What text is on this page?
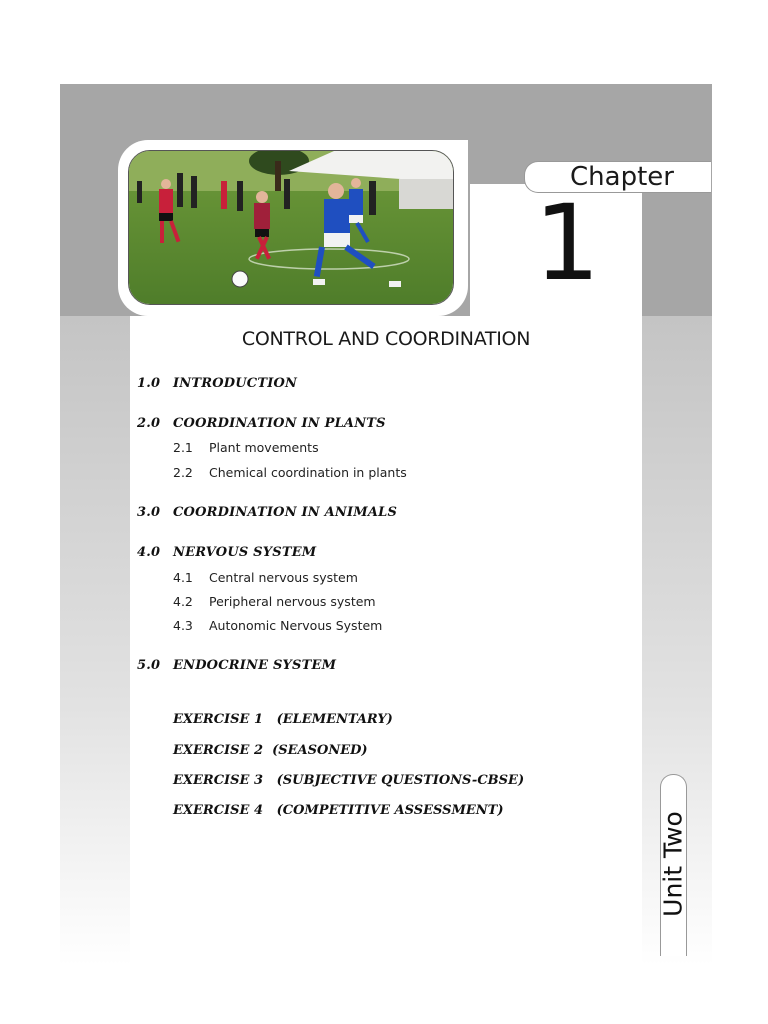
Chapter
1
CONTROL AND COORDINATION
1.0 INTRODUCTION
2.0 COORDINATION IN PLANTS
2.1 Plant movements
2.2 Chemical coordination in plants
3.0 COORDINATION IN ANIMALS
4.0 NERVOUS SYSTEM
4.1 Central nervous system
4.2 Peripheral nervous system
4.3 Autonomic Nervous System
5.0 ENDOCRINE SYSTEM
EXERCISE 1 (ELEMENTARY)
EXERCISE 2 (SEASONED)
EXERCISE 3 (SUBJECTIVE QUESTIONS-CBSE)
EXERCISE 4 (COMPETITIVE ASSESSMENT)
Unit Two
